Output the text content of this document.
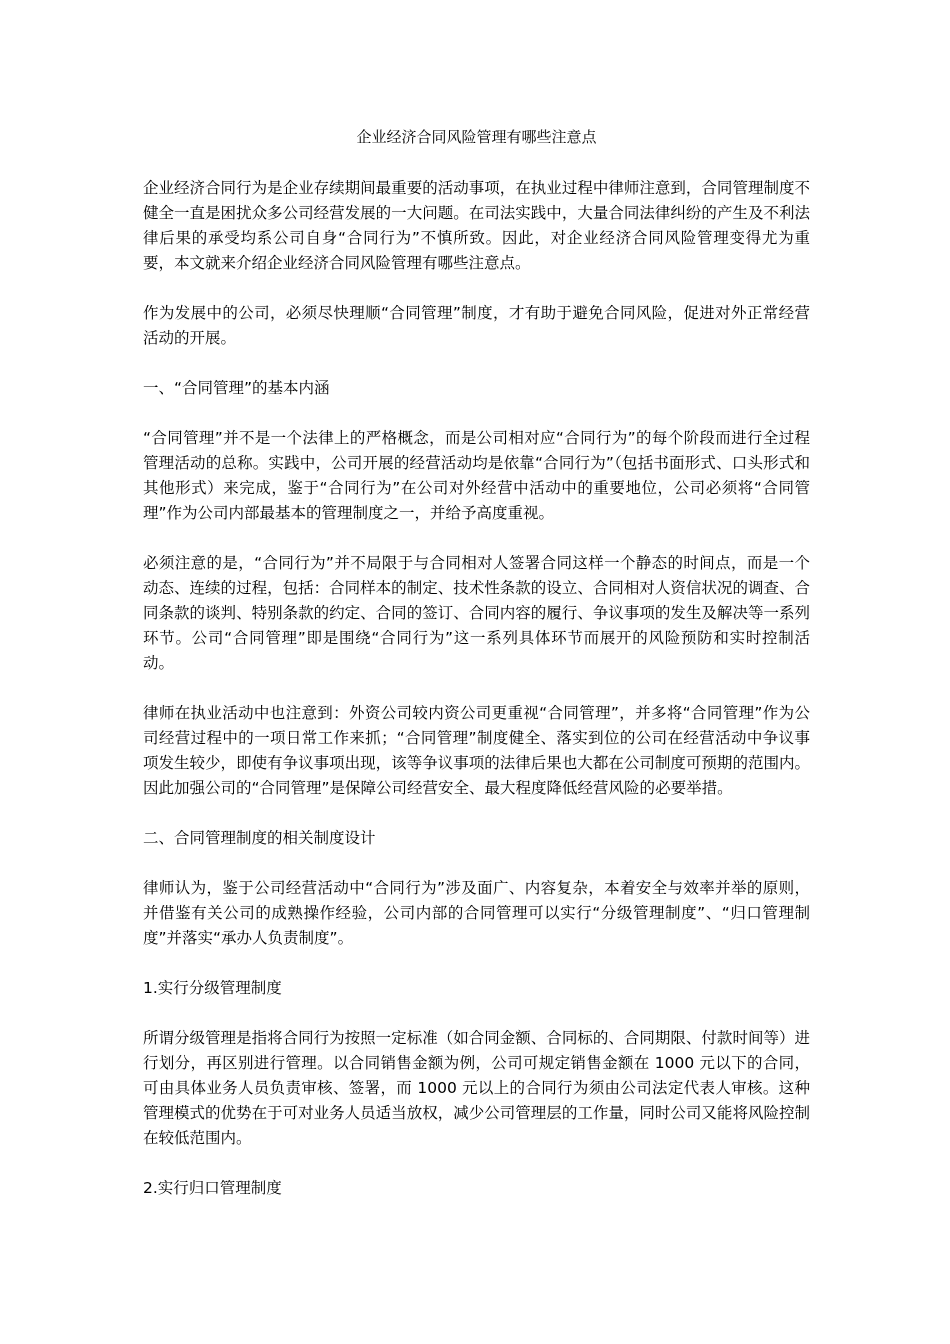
企业经济合同风险管理有哪些注意点

企业经济合同行为是企业存续期间最重要的活动事项，在执业过程中律师注意到，合同管理制度不健全一直是困扰众多公司经营发展的一大问题。在司法实践中，大量合同法律纠纷的产生及不利法律后果的承受均系公司自身“合同行为”不慎所致。因此，对企业经济合同风险管理变得尤为重要，本文就来介绍企业经济合同风险管理有哪些注意点。

作为发展中的公司，必须尽快理顺“合同管理”制度，才有助于避免合同风险，促进对外正常经营活动的开展。

一、“合同管理”的基本内涵

“合同管理”并不是一个法律上的严格概念，而是公司相对应“合同行为”的每个阶段而进行全过程管理活动的总称。实践中，公司开展的经营活动均是依靠“合同行为”（包括书面形式、口头形式和其他形式）来完成，鉴于“合同行为”在公司对外经营中活动中的重要地位，公司必须将“合同管理”作为公司内部最基本的管理制度之一，并给予高度重视。

必须注意的是，“合同行为”并不局限于与合同相对人签署合同这样一个静态的时间点，而是一个动态、连续的过程，包括：合同样本的制定、技术性条款的设立、合同相对人资信状况的调查、合同条款的谈判、特别条款的约定、合同的签订、合同内容的履行、争议事项的发生及解决等一系列环节。公司“合同管理”即是围绕“合同行为”这一系列具体环节而展开的风险预防和实时控制活动。

律师在执业活动中也注意到：外资公司较内资公司更重视“合同管理”，并多将“合同管理”作为公司经营过程中的一项日常工作来抓；“合同管理”制度健全、落实到位的公司在经营活动中争议事项发生较少，即使有争议事项出现，该等争议事项的法律后果也大都在公司制度可预期的范围内。因此加强公司的“合同管理”是保障公司经营安全、最大程度降低经营风险的必要举措。

二、合同管理制度的相关制度设计

律师认为，鉴于公司经营活动中“合同行为”涉及面广、内容复杂，本着安全与效率并举的原则，并借鉴有关公司的成熟操作经验，公司内部的合同管理可以实行“分级管理制度”、“归口管理制度”并落实“承办人负责制度”。

1.实行分级管理制度

所谓分级管理是指将合同行为按照一定标准（如合同金额、合同标的、合同期限、付款时间等）进行划分，再区别进行管理。以合同销售金额为例，公司可规定销售金额在 1000 元以下的合同，可由具体业务人员负责审核、签署，而 1000 元以上的合同行为须由公司法定代表人审核。这种管理模式的优势在于可对业务人员适当放权，减少公司管理层的工作量，同时公司又能将风险控制在较低范围内。

2.实行归口管理制度
